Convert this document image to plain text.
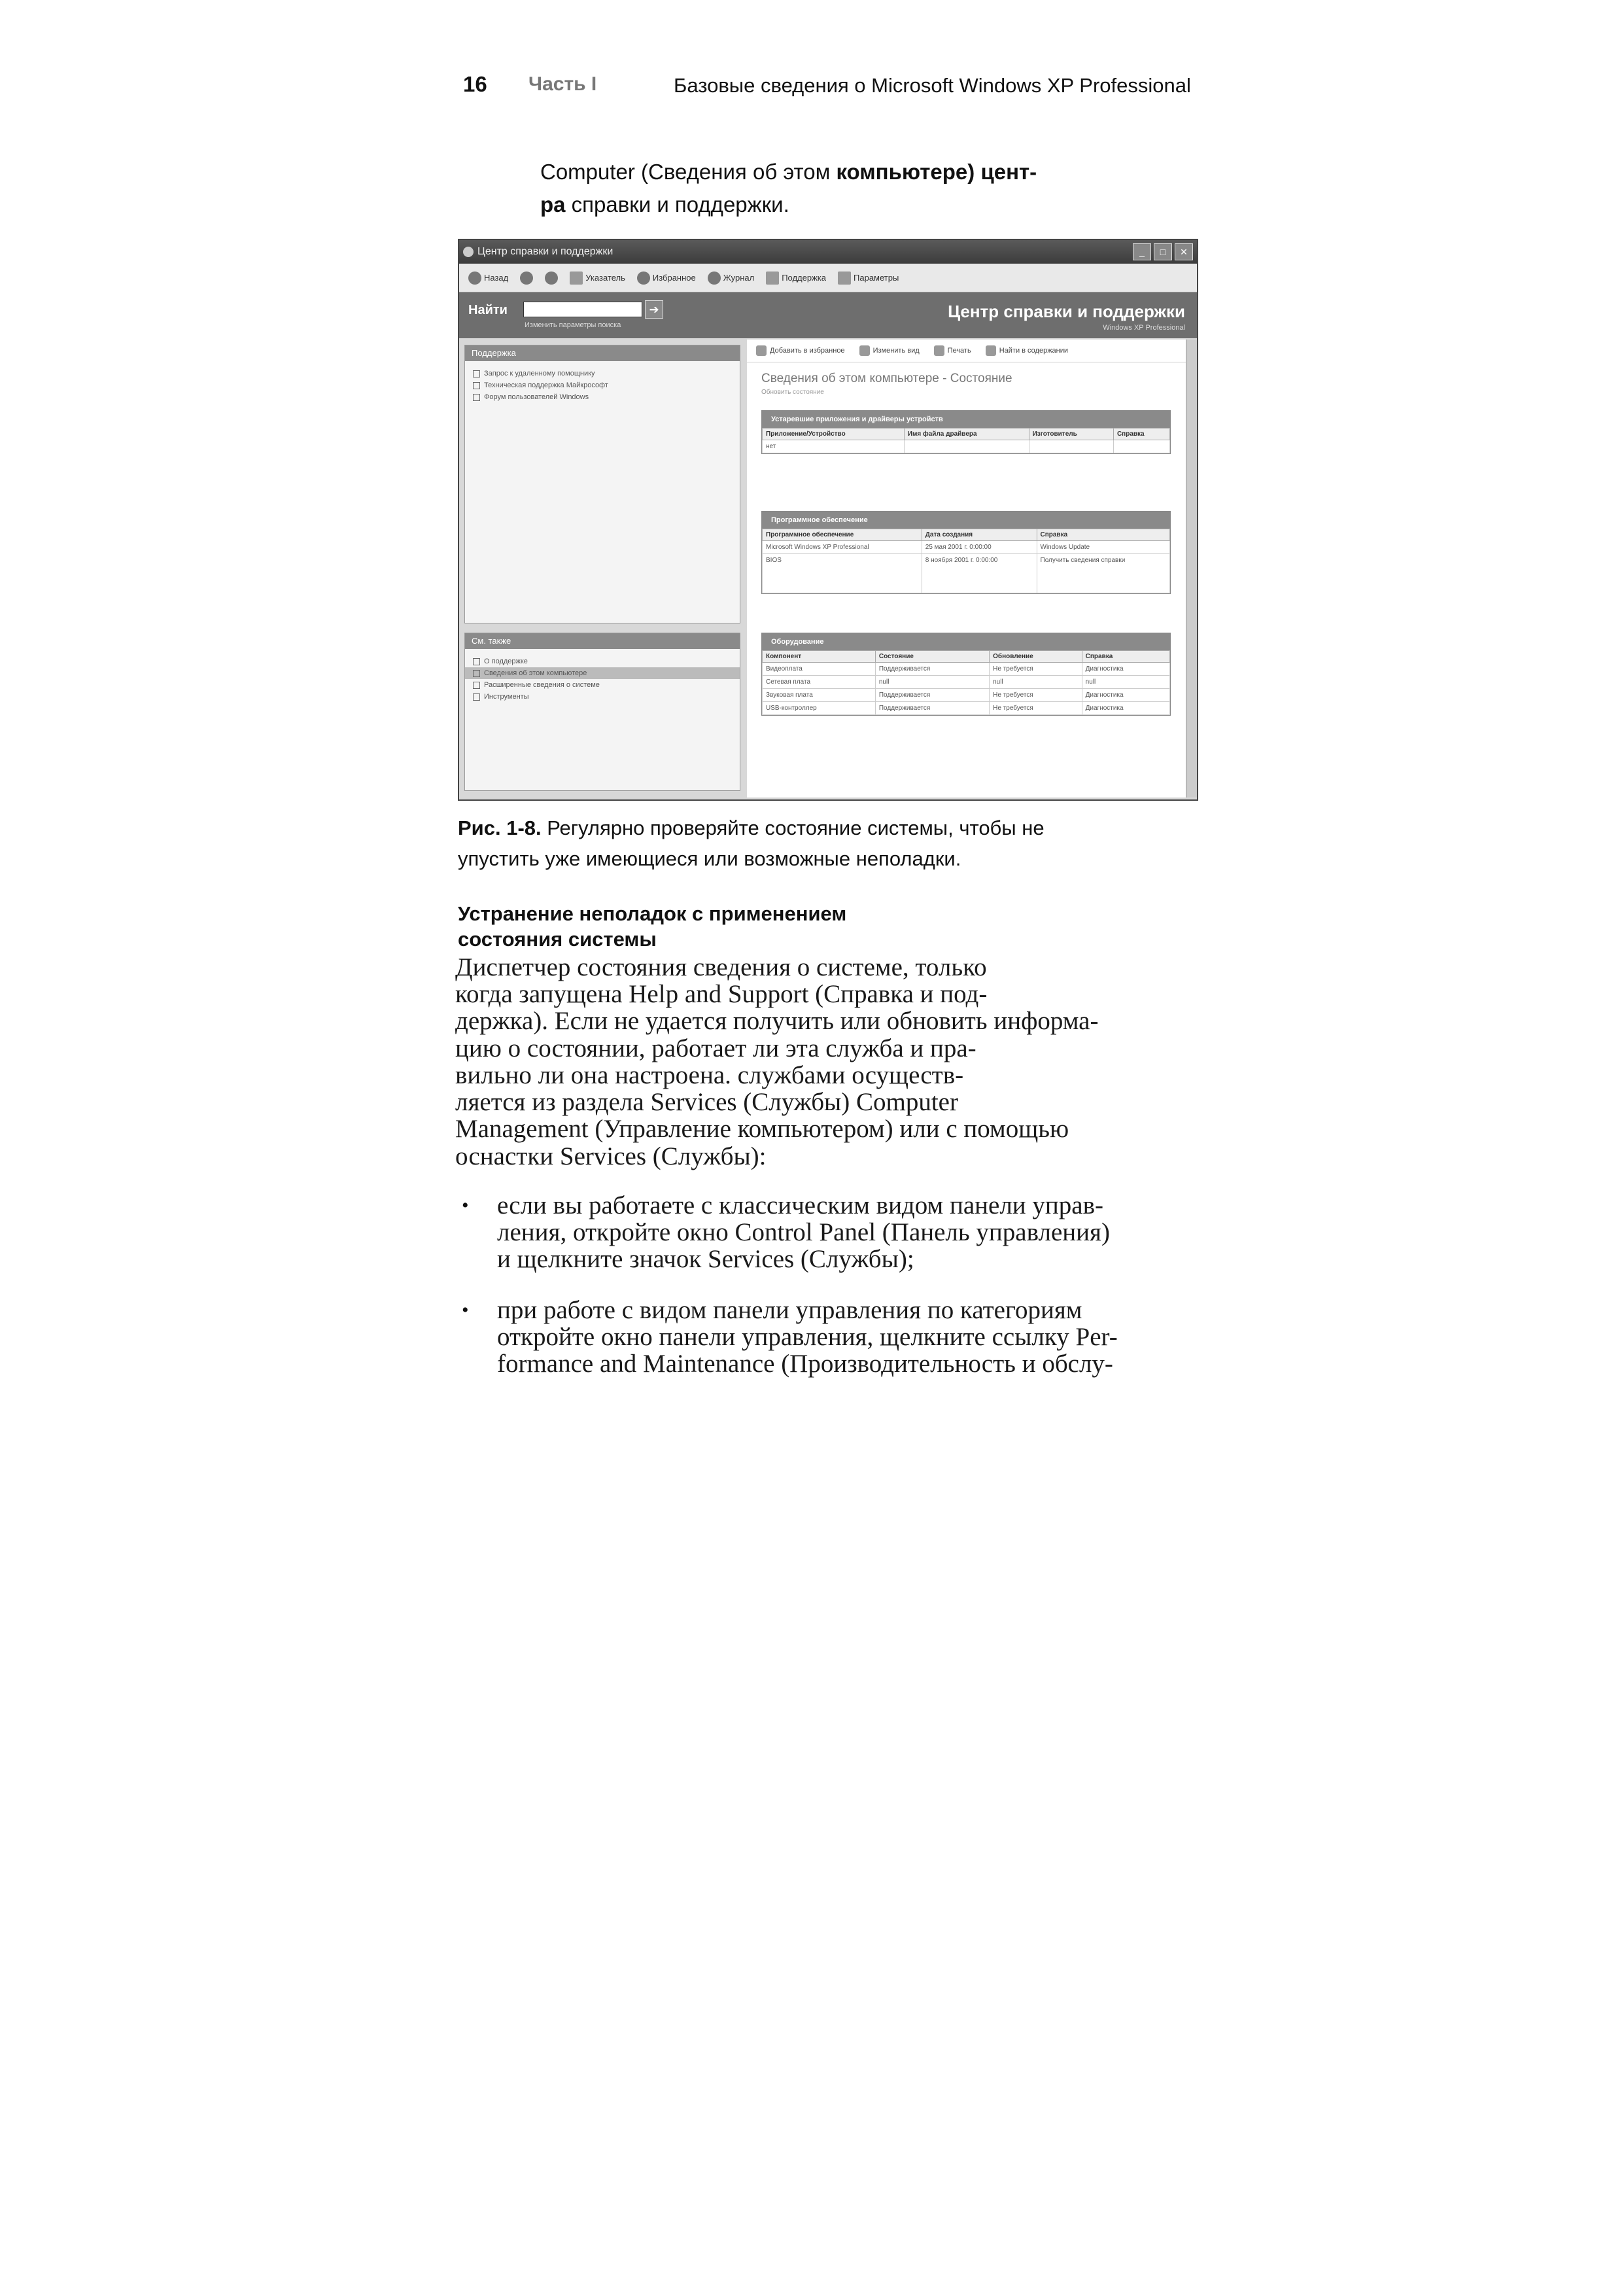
16 Часть I	Базовые сведения о Microsoft Windows XP Professional
Computer (Сведения об этом компьютере) цент-
ра справки и поддержки.
Центр справки и поддержки	_	□	✕
Назад	Указатель	Избранное	Журнал	Поддержка	Параметры
Найти	➔
Изменить параметры поиска
Центр справки и поддержки
Windows XP Professional
Поддержка
Запрос к удаленному помощнику
Техническая поддержка Майкрософт
Форум пользователей Windows
См. также
О поддержке
Сведения об этом компьютере
Расширенные сведения о системе
Инструменты
Добавить в избранное	Изменить вид	Печать	Найти в содержании
Сведения об этом компьютере - Состояние
Обновить состояние
Устаревшие приложения и драйверы устройств
Приложение/Устройство	Имя файла драйвера	Изготовитель	Справка
нет			
Программное обеспечение
Программное обеспечение	Дата создания	Справка
Microsoft Windows XP Professional	25 мая 2001 г. 0:00:00	Windows Update
BIOS	8 ноября 2001 г. 0:00:00	Получить сведения справки
Оборудование
Компонент	Состояние	Обновление	Справка
Видеоплата	Поддерживается	Не требуется	Диагностика
Сетевая плата	null	null	null
Звуковая плата	Поддерживается	Не требуется	Диагностика
USB-контроллер	Поддерживается	Не требуется	Диагностика
Рис. 1-8. Регулярно проверяйте состояние системы, чтобы не
упустить уже имеющиеся или возможные неполадки.
Устранение неполадок с применением
состояния системы
Диспетчер состояния сведения о системе, только
когда запущена Help and Support (Справка и под-
держка). Если не удается получить или обновить информа-
цию о состоянии, работает ли эта служба и пра-
вильно ли она настроена. службами осуществ-
ляется из раздела Services (Службы) Computer
Management (Управление компьютером) или с помощью
оснастки Services (Службы):
• если вы работаете с классическим видом панели управ-
ления, откройте окно Control Panel (Панель управления)
и щелкните значок Services (Службы);
• при работе с видом панели управления по категориям
откройте окно панели управления, щелкните ссылку Per-
formance and Maintenance (Производительность и обслу-
